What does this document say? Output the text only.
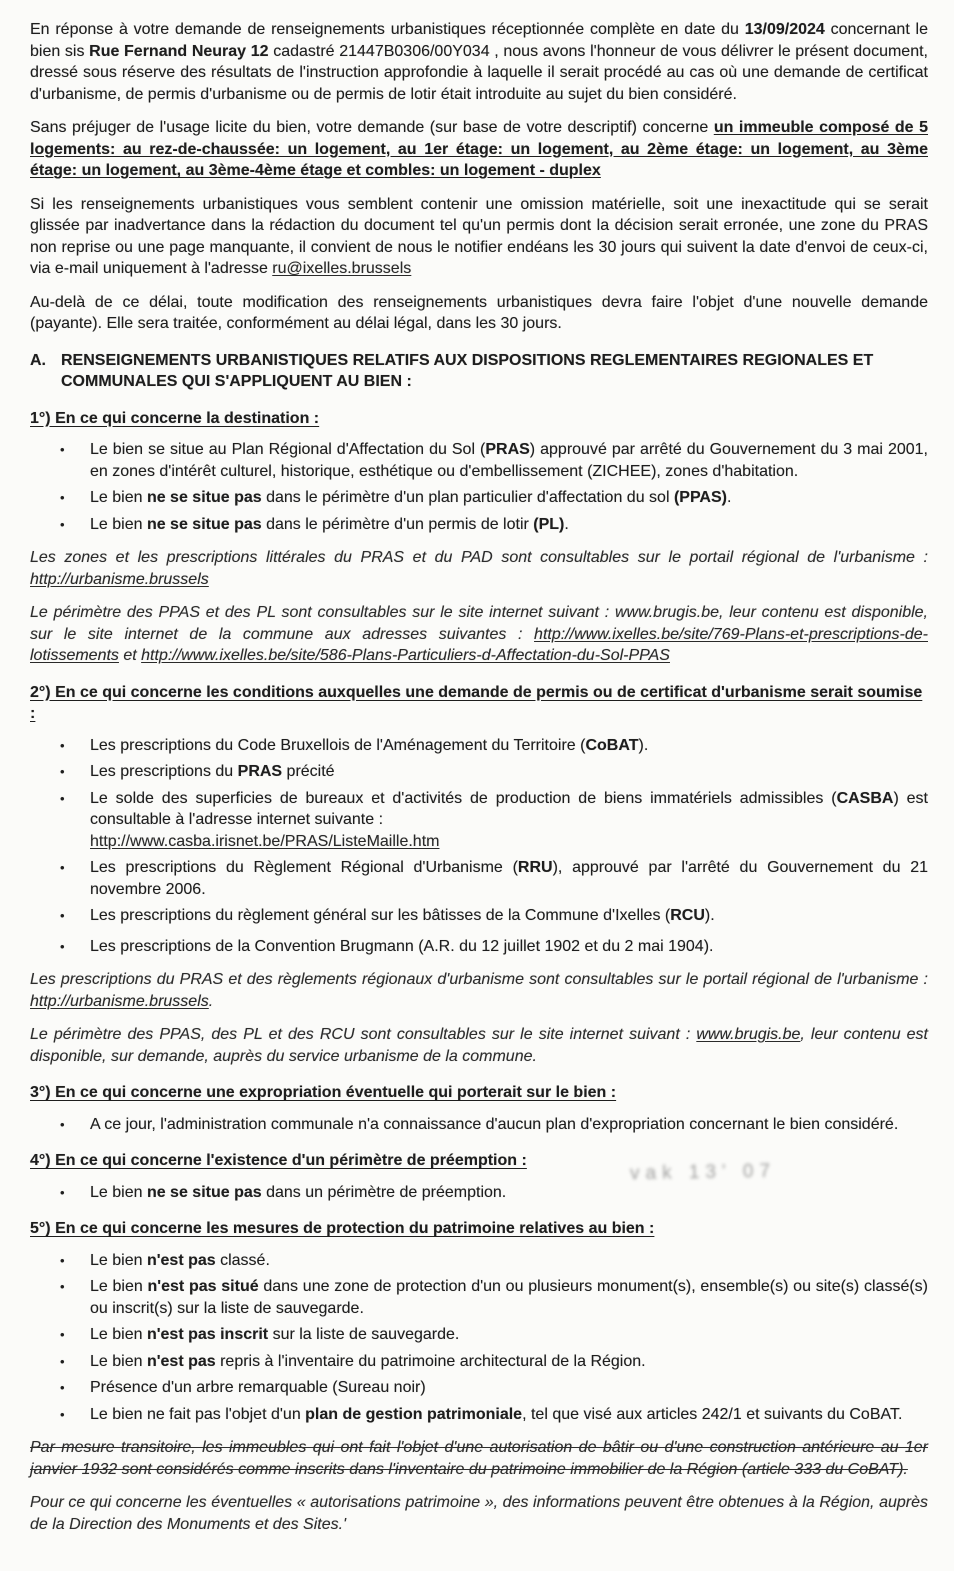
En réponse à votre demande de renseignements urbanistiques réceptionnée complète en date du 13/09/2024 concernant le bien sis Rue Fernand Neuray 12 cadastré 21447B0306/00Y034 , nous avons l'honneur de vous délivrer le présent document, dressé sous réserve des résultats de l'instruction approfondie à laquelle il serait procédé au cas où une demande de certificat d'urbanisme, de permis d'urbanisme ou de permis de lotir était introduite au sujet du bien considéré.

Sans préjuger de l'usage licite du bien, votre demande (sur base de votre descriptif) concerne un immeuble composé de 5 logements: au rez-de-chaussée: un logement, au 1er étage: un logement, au 2ème étage: un logement, au 3ème étage: un logement, au 3ème-4ème étage et combles: un logement - duplex

Si les renseignements urbanistiques vous semblent contenir une omission matérielle, soit une inexactitude qui se serait glissée par inadvertance dans la rédaction du document tel qu'un permis dont la décision serait erronée, une zone du PRAS non reprise ou une page manquante, il convient de nous le notifier endéans les 30 jours qui suivent la date d'envoi de ceux-ci, via e-mail uniquement à l'adresse ru@ixelles.brussels

Au-delà de ce délai, toute modification des renseignements urbanistiques devra faire l'objet d'une nouvelle demande (payante). Elle sera traitée, conformément au délai légal, dans les 30 jours.

A. RENSEIGNEMENTS URBANISTIQUES RELATIFS AUX DISPOSITIONS REGLEMENTAIRES REGIONALES ET COMMUNALES QUI S'APPLIQUENT AU BIEN :
1°) En ce qui concerne la destination :
•	Le bien se situe au Plan Régional d'Affectation du Sol (PRAS) approuvé par arrêté du Gouvernement du 3 mai 2001, en zones d'intérêt culturel, historique, esthétique ou d'embellissement (ZICHEE), zones d'habitation.
•	Le bien ne se situe pas dans le périmètre d'un plan particulier d'affectation du sol (PPAS).
•	Le bien ne se situe pas dans le périmètre d'un permis de lotir (PL).

Les zones et les prescriptions littérales du PRAS et du PAD sont consultables sur le portail régional de l'urbanisme : http://urbanisme.brussels

Le périmètre des PPAS et des PL sont consultables sur le site internet suivant : www.brugis.be, leur contenu est disponible, sur le site internet de la commune aux adresses suivantes : http://www.ixelles.be/site/769-Plans-et-prescriptions-de-lotissements et http://www.ixelles.be/site/586-Plans-Particuliers-d-Affectation-du-Sol-PPAS

2°) En ce qui concerne les conditions auxquelles une demande de permis ou de certificat d'urbanisme serait soumise :
•	Les prescriptions du Code Bruxellois de l'Aménagement du Territoire (CoBAT).
•	Les prescriptions du PRAS précité
•	Le solde des superficies de bureaux et d'activités de production de biens immatériels admissibles (CASBA) est consultable à l'adresse internet suivante :
http://www.casba.irisnet.be/PRAS/ListeMaille.htm
•	Les prescriptions du Règlement Régional d'Urbanisme (RRU), approuvé par l'arrêté du Gouvernement du 21 novembre 2006.
•	Les prescriptions du règlement général sur les bâtisses de la Commune d'Ixelles (RCU).
•	Les prescriptions de la Convention Brugmann (A.R. du 12 juillet 1902 et du 2 mai 1904).

Les prescriptions du PRAS et des règlements régionaux d'urbanisme sont consultables sur le portail régional de l'urbanisme : http://urbanisme.brussels.

Le périmètre des PPAS, des PL et des RCU sont consultables sur le site internet suivant : www.brugis.be, leur contenu est disponible, sur demande, auprès du service urbanisme de la commune.

3°) En ce qui concerne une expropriation éventuelle qui porterait sur le bien :
•	A ce jour, l'administration communale n'a connaissance d'aucun plan d'expropriation concernant le bien considéré.
4°) En ce qui concerne l'existence d'un périmètre de préemption :
vak 13' 07
•	Le bien ne se situe pas dans un périmètre de préemption.
5°) En ce qui concerne les mesures de protection du patrimoine relatives au bien :
•	Le bien n'est pas classé.
•	Le bien n'est pas situé dans une zone de protection d'un ou plusieurs monument(s), ensemble(s) ou site(s) classé(s) ou inscrit(s) sur la liste de sauvegarde.
•	Le bien n'est pas inscrit sur la liste de sauvegarde.
•	Le bien n'est pas repris à l'inventaire du patrimoine architectural de la Région.
•	Présence d'un arbre remarquable (Sureau noir)
•	Le bien ne fait pas l'objet d'un plan de gestion patrimoniale, tel que visé aux articles 242/1 et suivants du CoBAT.

Par mesure transitoire, les immeubles qui ont fait l'objet d'une autorisation de bâtir ou d'une construction antérieure au 1er janvier 1932 sont considérés comme inscrits dans l'inventaire du patrimoine immobilier de la Région (article 333 du CoBAT).

Pour ce qui concerne les éventuelles « autorisations patrimoine », des informations peuvent être obtenues à la Région, auprès de la Direction des Monuments et des Sites.'
